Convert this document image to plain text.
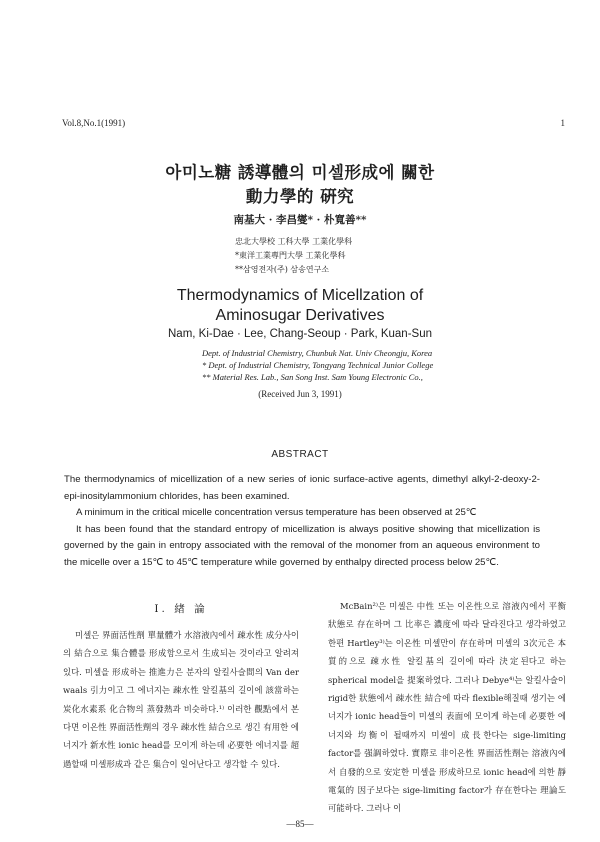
Vol.8,No.1(1991)	1
아미노糖 誘導體의 미셀形成에 關한
動力學的 硏究
南基大 · 李昌燮* · 朴寬善**
忠北大學校 工科大學 工業化學科
*東洋工業專門大學 工業化學科
**삼영전자(주) 삼송연구소
Thermodynamics of Micellzation of
Aminosugar Derivatives
Nam, Ki-Dae · Lee, Chang-Seoup · Park, Kuan-Sun
Dept. of Industrial Chemistry, Chunbuk Nat. Univ Cheongju, Korea
* Dept. of Industrial Chemistry, Tongyang Technical Junior College
** Material Res. Lab., San Song Inst. Sam Young Electronic Co.,
(Received Jun 3, 1991)
ABSTRACT

The thermodynamics of micellization of a new series of ionic surface-active agents, dimethyl alkyl-2-deoxy-2-epi-inositylammonium chlorides, has been examined.

A minimum in the critical micelle concentration versus temperature has been observed at 25℃

It has been found that the standard entropy of micellization is always positive showing that micellization is governed by the gain in entropy associated with the removal of the monomer from an aqueous environment to the micelle over a 15℃ to 45℃ temperature while governed by enthalpy directed process below 25℃.

I. 緖 論

미셀은 界面活性劑 單量體가 水溶液內에서 疎水性 成分사이의 結合으로 集合體를 形成함으로서 生成되는 것이라고 알려져 있다. 미셀을 形成하는 推進力은 분자의 알킬사슬間의 Van der waals 引力이고 그 에너지는 疎水性 알킬基의 길이에 該當하는 炭化水素系 化合物의 蒸發熱과 비슷하다.¹⁾ 이러한 觀點에서 본다면 이온性 界面活性劑의 경우 疎水性 結合으로 생긴 有用한 에너지가 新水性 ionic head를 모이게 하는데 必要한 에너지를 超過할때 미셀形成과 같은 集合이 일어난다고 생각할 수 있다.

McBain²⁾은 미셀은 中性 또는 이온性으로 溶液內에서 平衡狀態로 存在하며 그 比率은 濃度에 따라 달라진다고 생각하였고 한편 Hartley³⁾는 이온性 미셀만이 存在하며 미셀의 3次元은 本質的으로 疎水性 알킬基의 길이에 따라 決定된다고 하는 spherical model을 提案하였다. 그러나 Debye⁴⁾는 알킬사슬이 rigid한 狀態에서 疎水性 結合에 따라 flexible해질때 생기는 에너지가 ionic head들이 미셀의 表面에 모이게 하는데 必要한 에너지와 均衡이 될때까지 미셀이 成長한다는 sige-limiting factor를 强調하였다. 實際로 非이온性 界面活性劑는 溶液內에서 自發的으로 安定한 미셀을 形成하므로 ionic head에 의한 靜電氣的 因子보다는 sige-limiting factor가 存在한다는 理論도 可能하다. 그러나 이

—85—
